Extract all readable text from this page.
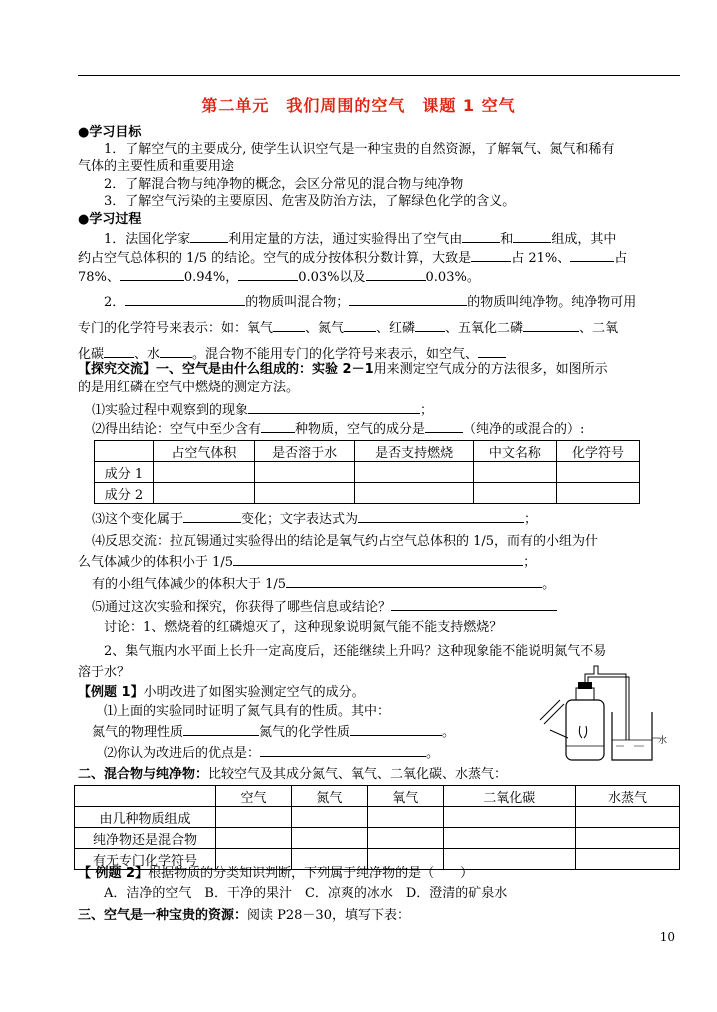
第二单元　我们周围的空气　课题 1 空气
●学习目标
1．了解空气的主要成分, 使学生认识空气是一种宝贵的自然资源，了解氧气、氮气和稀有
气体的主要性质和重要用途
2．了解混合物与纯净物的概念，会区分常见的混合物与纯净物
3．了解空气污染的主要原因、危害及防治方法，了解绿色化学的含义。
●学习过程
1．法国化学家	利用定量的方法，通过实验得出了空气由	和	组成，其中
约占空气总体积的 1/5 的结论。空气的成分按体积分数计算，大致是	占 21%、	占
78%、	0.94%，	0.03%以及	0.03%。
2．	的物质叫混合物；	的物质叫纯净物。纯净物可用
专门的化学符号来表示：如：氧气 、氮气 、红磷 、五氧化二磷	、二氧
化碳 、水 。混合物不能用专门的化学符号来表示，如空气、
【探究交流】一、空气是由什么组成的：实验 2－1用来测定空气成分的方法很多，如图所示
的是用红磷在空气中燃烧的测定方法。
⑴实验过程中观察到的现象	；
⑵得出结论：空气中至少含有	种物质，空气的成分是	（纯净的或混合的）:
	占空气体积	是否溶于水	是否支持燃烧	中文名称	化学符号
成分 1					
成分 2					
⑶这个变化属于	变化；文字表达式为	；
⑷反思交流：拉瓦锡通过实验得出的结论是氧气约占空气总体积的 1/5，而有的小组为什
么气体减少的体积小于 1/5	；
有的小组气体减少的体积大于 1/5	。
⑸通过这次实验和探究，你获得了哪些信息或结论？
讨论：1、燃烧着的红磷熄灭了，这种现象说明氮气能不能支持燃烧？
2、集气瓶内水平面上长升一定高度后，还能继续上升吗？这种现象能不能说明氮气不易
溶于水？
【例题 1】小明改进了如图实验测定空气的成分。
⑴上面的实验同时证明了氮气具有的性质。其中：
氮气的物理性质	氮气的化学性质	。
⑵你认为改进后的优点是：	。
水
二、混合物与纯净物：比较空气及其成分氮气、氧气、二氧化碳、水蒸气：
	空气	氮气	氧气	二氧化碳	水蒸气
由几种物质组成					
纯净物还是混合物					
有无专门化学符号					
【 例题 2】根据物质的分类知识判断，下列属于纯净物的是（　　）
A．洁净的空气　B．干净的果汁　C．凉爽的冰水　D．澄清的矿泉水
三、空气是一种宝贵的资源：阅读 P28－30，填写下表：
10
